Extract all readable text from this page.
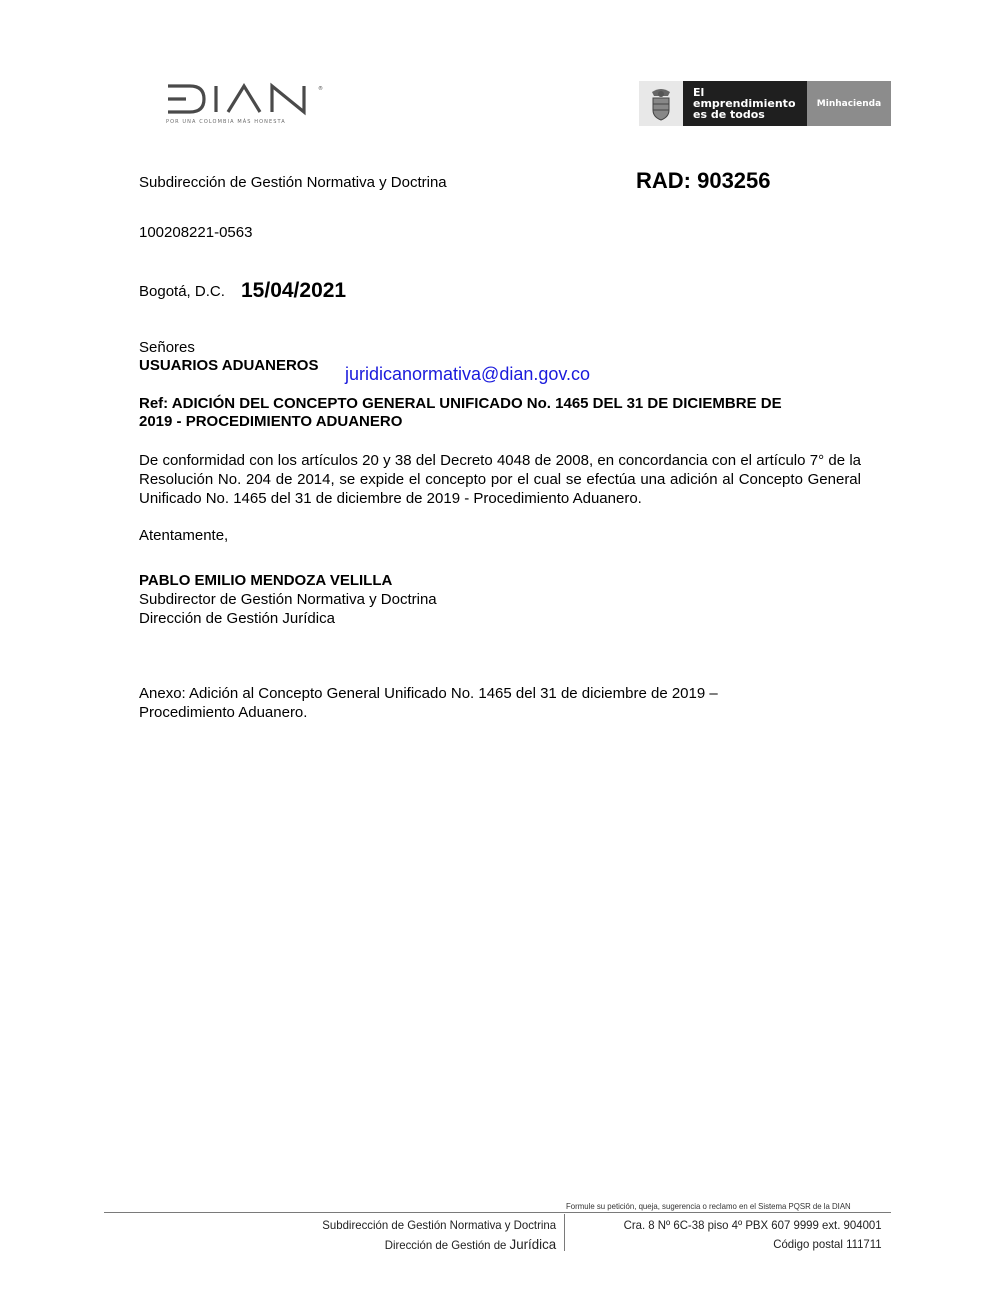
®
POR UNA COLOMBIA MÁS HONESTA
El emprendimiento
es de todos
Minhacienda
Subdirección de Gestión Normativa y Doctrina	RAD: 903256
100208221-0563
Bogotá, D.C. 15/04/2021
Señores
USUARIOS ADUANEROS juridicanormativa@dian.gov.co
Ref: ADICIÓN DEL CONCEPTO GENERAL UNIFICADO No. 1465 DEL 31 DE DICIEMBRE DE
2019 - PROCEDIMIENTO ADUANERO
De conformidad con los artículos 20 y 38 del Decreto 4048 de 2008, en concordancia con el artículo 7° de la Resolución No. 204 de 2014, se expide el concepto por el cual se efectúa una adición al Concepto General Unificado No. 1465 del 31 de diciembre de 2019 - Procedimiento Aduanero.
Atentamente,
PABLO EMILIO MENDOZA VELILLA
Subdirector de Gestión Normativa y Doctrina
Dirección de Gestión Jurídica
Anexo: Adición al Concepto General Unificado No. 1465 del 31 de diciembre de 2019 –
Procedimiento Aduanero.
Formule su petición, queja, sugerencia o reclamo en el Sistema PQSR de la DIAN
Subdirección de Gestión Normativa y Doctrina
Dirección de Gestión de Jurídica
Cra. 8 Nº 6C-38 piso 4º PBX 607 9999 ext. 904001
Código postal 111711
